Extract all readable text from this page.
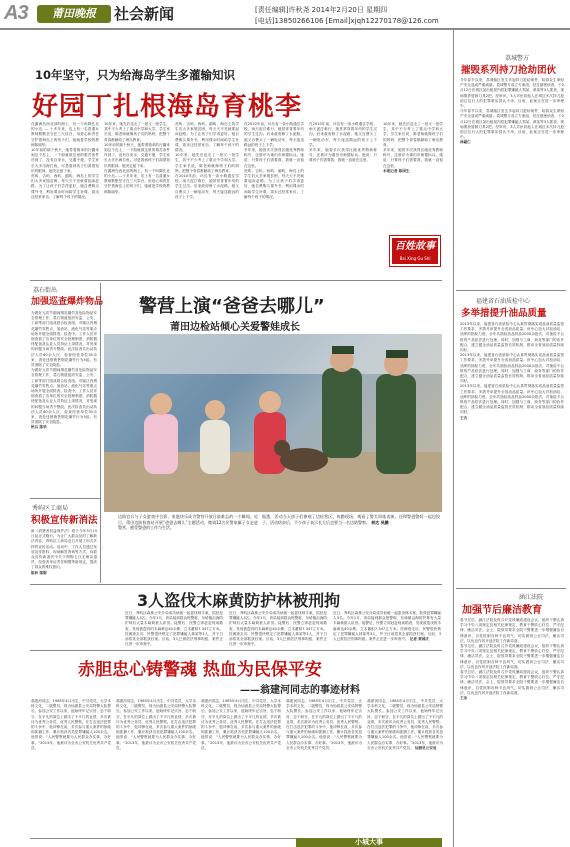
A3	莆田晚报	社会新闻	[责任编辑]许秋尧 2014年2月20日 星期四
[电话]13850266106 [Email]xjqh12270178@126.com
10年坚守，只为给海岛学生多灌输知识
好园丁扎根海岛育桃李
在湄洲岛西北部的海上，有一个叫降孔北的小岛……十多年来，岛上有一名普通女教师默默坚守在三尺讲台，用爱心和责任守护着海岛上的孩子们，她就是学校的教师陈丽华。
10年前的那个秋天，她带着简单的行囊来到这个岛上，一下船就被这里的艰苦条件吓到了，没有自来水，交通不便，学生家长大多出海打鱼。可是看到孩子们渴望知识的眼神，她决定留下来。
虎屿、吉屿、西屿、湄屿，海岛上的学生们大多家境贫困，每天天不亮就要起床赶路。为了让孩子们学得更好，她自费购买课外书，利用课余时间给学生补课，周末还经常家访，了解每个孩子的情况。
10年来，她先后送走了一批又一批学生，其中不少考上了重点中学和大学。学生家长说，陈老师就像孩子们的妈妈，把整个青春都献给了海岛教育。
10年前的那个秋天，她带着简单的行囊来到这个岛上，一下船就被这里的艰苦条件吓到了，没有自来水，交通不便，学生家长大多出海打鱼。可是看到孩子们渴望知识的眼神，她决定留下来。
在湄洲岛西北部的海上，有一个叫降孔北的小岛……十多年来，岛上有一名普通女教师默默坚守在三尺讲台，用爱心和责任守护着海岛上的孩子们，她就是学校的教师陈丽华。
虎屿、吉屿、西屿、湄屿，海岛上的学生们大多家境贫困，每天天不亮就要起床赶路。为了让孩子们学得更好，她自费购买课外书，利用课余时间给学生补课，周末还经常家访，了解每个孩子的情况。
10年来，她先后送走了一批又一批学生，其中不少考上了重点中学和大学。学生家长说，陈老师就像孩子们的妈妈，把整个青春都献给了海岛教育。
在2010年前，环岛有一条小路通往学校，雨天泥泞难行，她常常背着年幼的学生过沟。后来政府修了水泥路，她又自费买了一辆电动车，每天接送路远的孩子上下学。
在2010年前，环岛有一条小路通往学校，雨天泥泞难行，她常常背着年幼的学生过沟。后来政府修了水泥路，她又自费买了一辆电动车，每天接送路远的孩子上下学。
多年来，她曾多次获得区级优秀教师称号，还被评为莆田市师德标兵。她说：只要孩子们需要我，我就一直留在这里。
虎屿、吉屿、西屿、湄屿，海岛上的学生们大多家境贫困，每天天不亮就要起床赶路。为了让孩子们学得更好，她自费购买课外书，利用课余时间给学生补课，周末还经常家访，了解每个孩子的情况。
在2010年前，环岛有一条小路通往学校，雨天泥泞难行，她常常背着年幼的学生过沟。后来政府修了水泥路，她又自费买了一辆电动车，每天接送路远的孩子上下学。
多年来，她曾多次获得区级优秀教师称号，还被评为莆田市师德标兵。她说：只要孩子们需要我，我就一直留在这里。
10年来，她先后送走了一批又一批学生，其中不少考上了重点中学和大学。学生家长说，陈老师就像孩子们的妈妈，把整个青春都献给了海岛教育。
多年来，她曾多次获得区级优秀教师称号，还被评为莆田市师德标兵。她说：只要孩子们需要我，我就一直留在这里。
本报记者 陈国生
百姓故事
Bai Xing Gu Shi
荔城警方
摧毁系列持刀抢劫团伙
今年春节以来，荔城辖区发生多起持刀抢劫案件，给群众生命财产安全造成严重威胁。荔城警方成立专案组，经过缜密侦查，于2月12日在城区某出租屋内将犯罪嫌疑人郑某、黄某等3人抓获，现场缴获管制刀具2把。经审讯，3人对伙同他人在城区多次持刀抢劫过往行人的犯罪事实供认不讳。目前，此案正在进一步审理中。
今年春节以来，荔城辖区发生多起持刀抢劫案件，给群众生命财产安全造成严重威胁。荔城警方成立专案组，经过缜密侦查，于2月12日在城区某出租屋内将犯罪嫌疑人郑某、黄某等3人抓获，现场缴获管制刀具2把。经审讯，3人对伙同他人在城区多次持刀抢劫过往行人的犯罪事实供认不讳。目前，此案正在进一步审理中。
林豪仁
荔石街出
加强巡查爆炸物品
为做好元宵节期间烟花爆竹及危险物品安全管理工作，荔石街道组织安监、公安、工商等部门组成联合检查组，对辖区内烟花爆竹零售点、加油站、液化气站等重点场所开展全面排查。检查中，工作人员详细查看了各单位的安全管理制度、消防器材配备及从业人员持证上岗情况，对发现的问题当场责令整改。此次检查共出动执法人员60余人次，检查经营单位30余家，查处违规销售烟花爆竹行为5起，有效消除了安全隐患。
为做好元宵节期间烟花爆竹及危险物品安全管理工作，荔石街道组织安监、公安、工商等部门组成联合检查组，对辖区内烟花爆竹零售点、加油站、液化气站等重点场所开展全面排查。检查中，工作人员详细查看了各单位的安全管理制度、消防器材配备及从业人员持证上岗情况，对发现的问题当场责令整改。此次检查共出动执法人员60余人次，检查经营单位30余家，查处违规销售烟花爆竹行为5起，有效消除了安全隐患。
秋兵 陈华
秀屿区工商局
积极宣传新消法
新《消费者权益保护法》将于今年3月15日起正式施行。为让广大群众及时了解新法内容，秀屿区工商局近日开展了形式多样的宣传活动。活动中，工作人员通过发放宣传资料、现场解答咨询等方式，向群众宣传新消法中关于网购七日无理由退货、经营者举证责任倒置等新规定，提高了群众的维权意识。
陈仲 陈钢
警营上演“爸爸去哪儿”
莆田边检站倾心关爱警娃成长
边防官兵与子女游戏中合影，家庭快乐成为警营开放日最难忘的一个瞬间。近日，莆田边防检查站开展“爸爸去哪儿”主题活动，邀请12名民警家属子女走进警营，感受警爸的工作与生活。
据悉，活动当天孩子们参观了边检营区、执勤现场，观看了警犬训练表演，还和警爸警妈一起包饺子。活动结束后，不少孩子表示长大后也要当一名边防警察。 林达 吴鹏
福建省石油质检中心
多举措提升油品质量
2013年以来，福建省石油质检中心认真贯彻落实成品油质量监管工作要求，多措并举提升全省油品质量。该中心加大对加油站、油库的抽检力度，全年共抽检油品样品2000余批次，对抽检不合格的产品依法进行处理。同时，加强与工商、商务等部门的协作配合，建立健全油品质量监管长效机制，推动全省油品质量持续向好。
2013年以来，福建省石油质检中心认真贯彻落实成品油质量监管工作要求，多措并举提升全省油品质量。该中心加大对加油站、油库的抽检力度，全年共抽检油品样品2000余批次，对抽检不合格的产品依法进行处理。同时，加强与工商、商务等部门的协作配合，建立健全油品质量监管长效机制，推动全省油品质量持续向好。
2013年以来，福建省石油质检中心认真贯彻落实成品油质量监管工作要求，多措并举提升全省油品质量。该中心加大对加油站、油库的抽检力度，全年共抽检油品样品2000余批次，对抽检不合格的产品依法进行处理。同时，加强与工商、商务等部门的协作配合，建立健全油品质量监管长效机制，推动全省油品质量持续向好。
王吉
3人盗伐木麻黄防护林被刑拘
近日，秀屿区森林公安分局成功侦破一起盗伐林木案，抓获犯罪嫌疑人3名。今年1月，该局接到群众报警称，东峤镇沿海防护林有大量木麻黄被人砍伐。接警后，民警立即赶赴现场勘查，发现被盗伐的木麻黄达40余株，立木蓄积7.347立方米。经调查走访，民警很快锁定了犯罪嫌疑人林某等3人，并于日前将其全部抓获归案。目前，3人已被依法刑事拘留，案件正在进一步审查中。
近日，秀屿区森林公安分局成功侦破一起盗伐林木案，抓获犯罪嫌疑人3名。今年1月，该局接到群众报警称，东峤镇沿海防护林有大量木麻黄被人砍伐。接警后，民警立即赶赴现场勘查，发现被盗伐的木麻黄达40余株，立木蓄积7.347立方米。经调查走访，民警很快锁定了犯罪嫌疑人林某等3人，并于日前将其全部抓获归案。目前，3人已被依法刑事拘留，案件正在进一步审查中。
近日，秀屿区森林公安分局成功侦破一起盗伐林木案，抓获犯罪嫌疑人3名。今年1月，该局接到群众报警称，东峤镇沿海防护林有大量木麻黄被人砍伐。接警后，民警立即赶赴现场勘查，发现被盗伐的木麻黄达40余株，立木蓄积7.347立方米。经调查走访，民警很快锁定了犯罪嫌疑人林某等3人，并于日前将其全部抓获归案。目前，3人已被依法刑事拘留，案件正在进一步审查中。 记者 黄国庆
赤胆忠心铸警魂 热血为民保平安
——翁建河同志的事迹材料
翁建河同志，1985年4月出生，中共党员，大学本科文化，二级警员，现为仙游县公安局特警大队警长。参加公安工作以来，他始终牢记宗旨、忠于职守，在平凡的岗位上做出了不平凡的业绩，多次被评为优秀公务员、优秀人民警察。在打击违法犯罪的斗争中，他冲锋在前，多次参与重大案件的侦破和抓捕工作，累计抓获各类犯罪嫌疑人100余名。他常说：“人民警察就要为人民群众办实事、办好事。”2013年，他被评为全市公安机关优秀共产党员。
翁建河同志，1985年4月出生，中共党员，大学本科文化，二级警员，现为仙游县公安局特警大队警长。参加公安工作以来，他始终牢记宗旨、忠于职守，在平凡的岗位上做出了不平凡的业绩，多次被评为优秀公务员、优秀人民警察。在打击违法犯罪的斗争中，他冲锋在前，多次参与重大案件的侦破和抓捕工作，累计抓获各类犯罪嫌疑人100余名。他常说：“人民警察就要为人民群众办实事、办好事。”2013年，他被评为全市公安机关优秀共产党员。
翁建河同志，1985年4月出生，中共党员，大学本科文化，二级警员，现为仙游县公安局特警大队警长。参加公安工作以来，他始终牢记宗旨、忠于职守，在平凡的岗位上做出了不平凡的业绩，多次被评为优秀公务员、优秀人民警察。在打击违法犯罪的斗争中，他冲锋在前，多次参与重大案件的侦破和抓捕工作，累计抓获各类犯罪嫌疑人100余名。他常说：“人民警察就要为人民群众办实事、办好事。”2013年，他被评为全市公安机关优秀共产党员。
翁建河同志，1985年4月出生，中共党员，大学本科文化，二级警员，现为仙游县公安局特警大队警长。参加公安工作以来，他始终牢记宗旨、忠于职守，在平凡的岗位上做出了不平凡的业绩，多次被评为优秀公务员、优秀人民警察。在打击违法犯罪的斗争中，他冲锋在前，多次参与重大案件的侦破和抓捕工作，累计抓获各类犯罪嫌疑人100余名。他常说：“人民警察就要为人民群众办实事、办好事。”2013年，他被评为全市公安机关优秀共产党员。
翁建河同志，1985年4月出生，中共党员，大学本科文化，二级警员，现为仙游县公安局特警大队警长。参加公安工作以来，他始终牢记宗旨、忠于职守，在平凡的岗位上做出了不平凡的业绩，多次被评为优秀公务员、优秀人民警察。在打击违法犯罪的斗争中，他冲锋在前，多次参与重大案件的侦破和抓捕工作，累计抓获各类犯罪嫌疑人100余名。他常说：“人民警察就要为人民群众办实事、办好事。”2013年，他被评为全市公安机关优秀共产党员。 仙游县公安局
涵江法院
加强节后廉洁教育
春节过后，涵江法院及时召开党风廉政建设会议，组织干警认真学习中央八项规定及相关纪律规定，教育干警收心归位、严守纪律、廉洁司法。会上，院领导要求全院干警要进一步增强廉洁自律意识，自觉抵制各种不良风气，切实做到公正司法、廉洁司法，以优良作风开创法院工作新局面。
春节过后，涵江法院及时召开党风廉政建设会议，组织干警认真学习中央八项规定及相关纪律规定，教育干警收心归位、严守纪律、廉洁司法。会上，院领导要求全院干警要进一步增强廉洁自律意识，自觉抵制各种不良风气，切实做到公正司法、廉洁司法，以优良作风开创法院工作新局面。
春节过后，涵江法院及时召开党风廉政建设会议，组织干警认真学习中央八项规定及相关纪律规定，教育干警收心归位、严守纪律、廉洁司法。会上，院领导要求全院干警要进一步增强廉洁自律意识，自觉抵制各种不良风气，切实做到公正司法、廉洁司法，以优良作风开创法院工作新局面。
王冰
小城大事
